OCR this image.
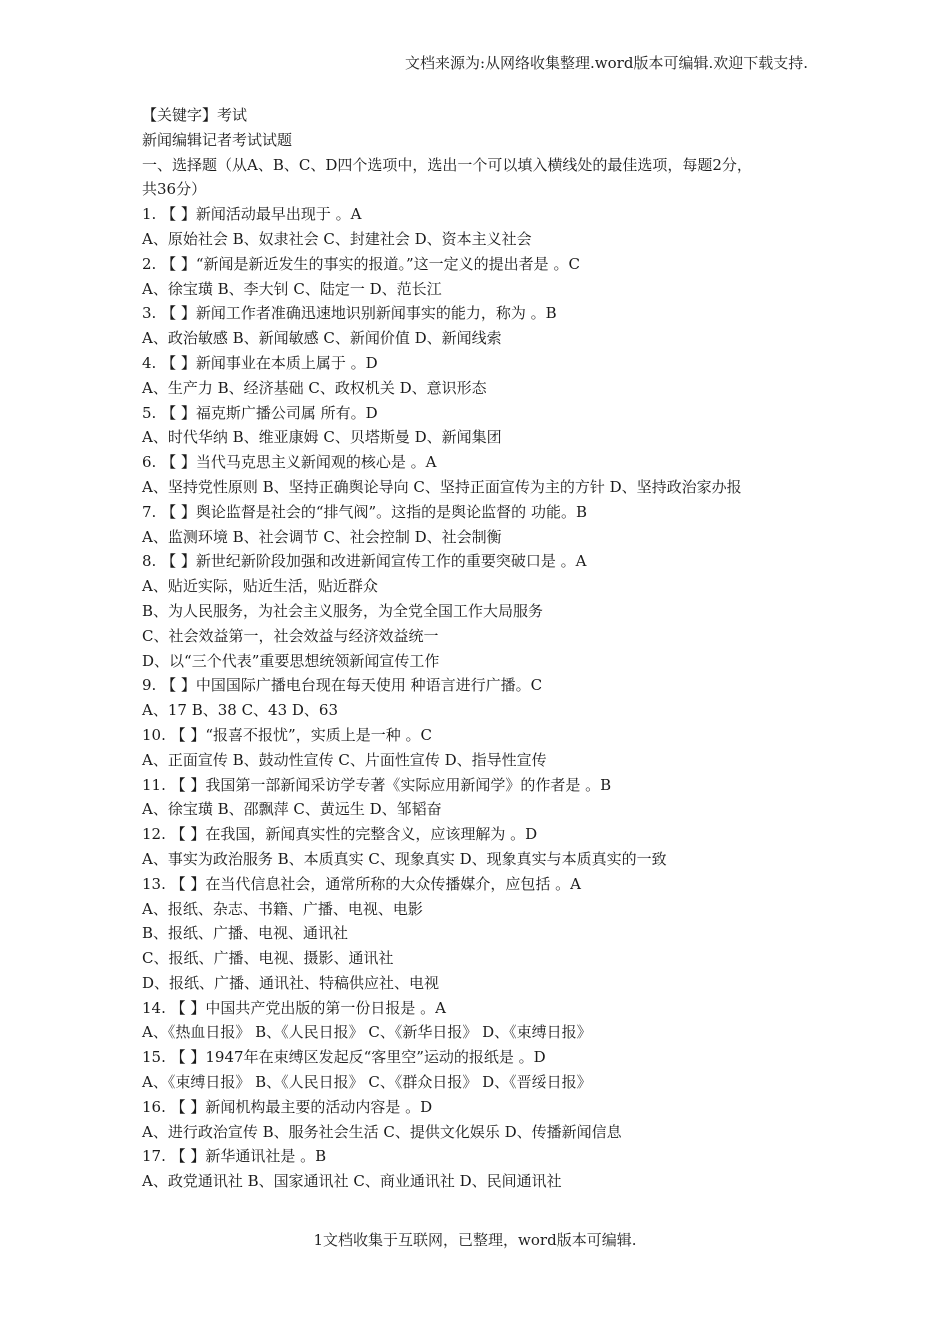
文档来源为:从网络收集整理.word版本可编辑.欢迎下载支持.
【关键字】考试
新闻编辑记者考试试题
一、选择题（从A、B、C、D四个选项中，选出一个可以填入横线处的最佳选项，每题2分，
共36分）
1. 【 】新闻活动最早出现于 。A
A、原始社会 B、奴隶社会 C、封建社会 D、资本主义社会
2. 【 】“新闻是新近发生的事实的报道。”这一定义的提出者是 。C
A、徐宝璜 B、李大钊 C、陆定一 D、范长江
3. 【 】新闻工作者准确迅速地识别新闻事实的能力，称为 。B
A、政治敏感 B、新闻敏感 C、新闻价值 D、新闻线索
4. 【 】新闻事业在本质上属于 。D
A、生产力 B、经济基础 C、政权机关 D、意识形态
5. 【 】福克斯广播公司属 所有。D
A、时代华纳 B、维亚康姆 C、贝塔斯曼 D、新闻集团
6. 【 】当代马克思主义新闻观的核心是 。A
A、坚持党性原则 B、坚持正确舆论导向 C、坚持正面宣传为主的方针 D、坚持政治家办报
7. 【 】舆论监督是社会的“排气阀”。这指的是舆论监督的 功能。B
A、监测环境 B、社会调节 C、社会控制 D、社会制衡
8. 【 】新世纪新阶段加强和改进新闻宣传工作的重要突破口是 。A
A、贴近实际，贴近生活，贴近群众
B、为人民服务，为社会主义服务，为全党全国工作大局服务
C、社会效益第一，社会效益与经济效益统一
D、以“三个代表”重要思想统领新闻宣传工作
9. 【 】中国国际广播电台现在每天使用 种语言进行广播。C
A、17 B、38 C、43 D、63
10. 【 】“报喜不报忧”，实质上是一种 。C
A、正面宣传 B、鼓动性宣传 C、片面性宣传 D、指导性宣传
11. 【 】我国第一部新闻采访学专著《实际应用新闻学》的作者是 。B
A、徐宝璜 B、邵飘萍 C、黄远生 D、邹韬奋
12. 【 】在我国，新闻真实性的完整含义，应该理解为 。D
A、事实为政治服务 B、本质真实 C、现象真实 D、现象真实与本质真实的一致
13. 【 】在当代信息社会，通常所称的大众传播媒介，应包括 。A
A、报纸、杂志、书籍、广播、电视、电影
B、报纸、广播、电视、通讯社
C、报纸、广播、电视、摄影、通讯社
D、报纸、广播、通讯社、特稿供应社、电视
14. 【 】中国共产党出版的第一份日报是 。A
A、《热血日报》 B、《人民日报》 C、《新华日报》 D、《束缚日报》
15. 【 】1947年在束缚区发起反“客里空”运动的报纸是 。D
A、《束缚日报》 B、《人民日报》 C、《群众日报》 D、《晋绥日报》
16. 【 】新闻机构最主要的活动内容是 。D
A、进行政治宣传 B、服务社会生活 C、提供文化娱乐 D、传播新闻信息
17. 【 】新华通讯社是 。B
A、政党通讯社 B、国家通讯社 C、商业通讯社 D、民间通讯社
1文档收集于互联网，已整理，word版本可编辑.
